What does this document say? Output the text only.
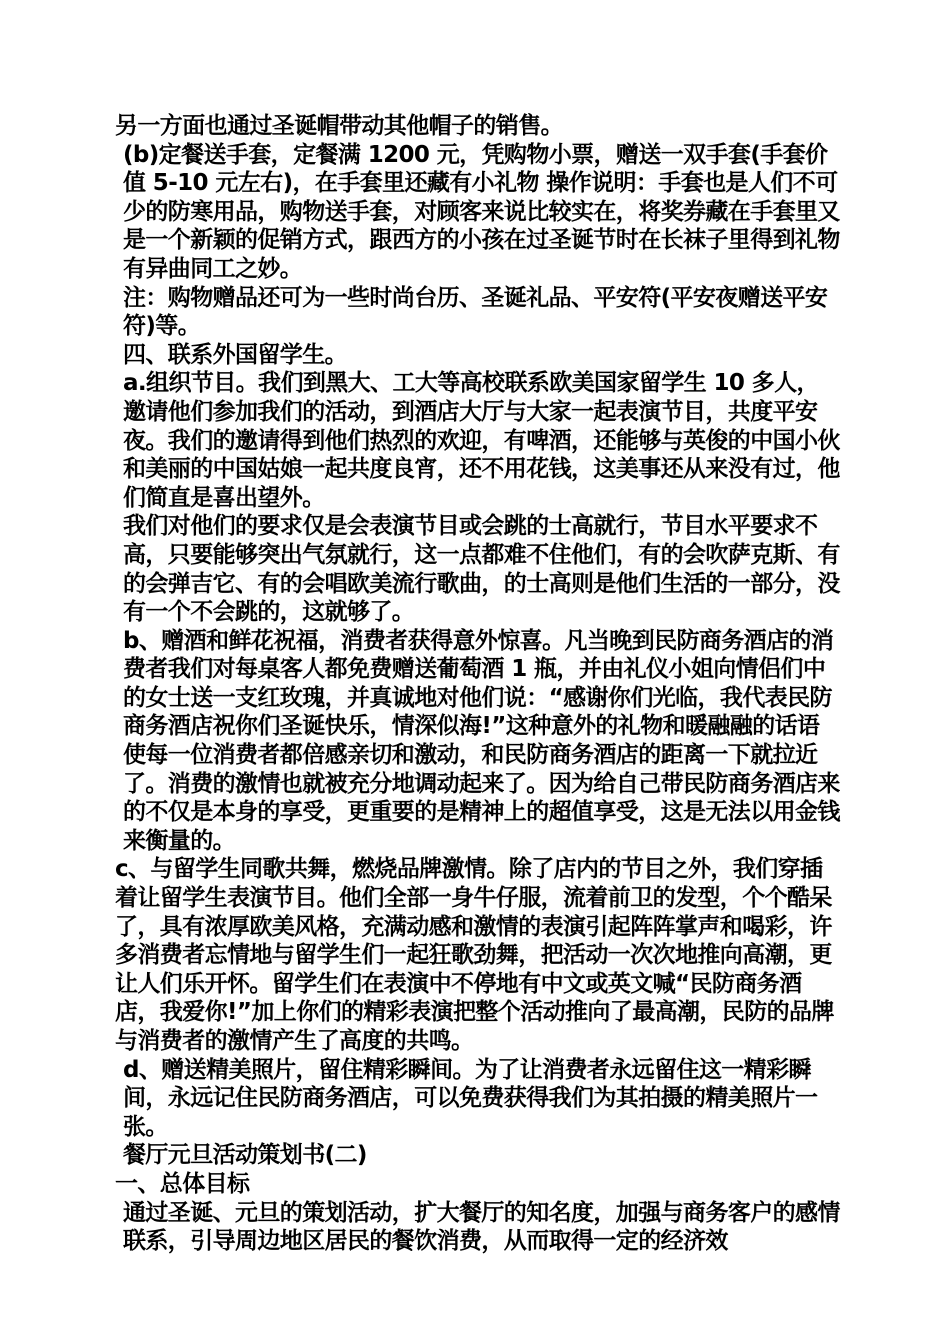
另一方面也通过圣诞帽带动其他帽子的销售。

(b)定餐送手套，定餐满 1200 元，凭购物小票，赠送一双手套(手套价值 5-10 元左右)，在手套里还藏有小礼物 操作说明：手套也是人们不可少的防寒用品，购物送手套，对顾客来说比较实在，将奖券藏在手套里又是一个新颖的促销方式，跟西方的小孩在过圣诞节时在长袜子里得到礼物有异曲同工之妙。

注：购物赠品还可为一些时尚台历、圣诞礼品、平安符(平安夜赠送平安符)等。

四、联系外国留学生。

a.组织节目。我们到黑大、工大等高校联系欧美国家留学生 10 多人，邀请他们参加我们的活动，到酒店大厅与大家一起表演节目，共度平安夜。我们的邀请得到他们热烈的欢迎，有啤酒，还能够与英俊的中国小伙和美丽的中国姑娘一起共度良宵，还不用花钱，这美事还从来没有过，他们简直是喜出望外。

我们对他们的要求仅是会表演节目或会跳的士高就行，节目水平要求不高，只要能够突出气氛就行，这一点都难不住他们，有的会吹萨克斯、有的会弹吉它、有的会唱欧美流行歌曲，的士高则是他们生活的一部分，没有一个不会跳的，这就够了。

b、赠酒和鲜花祝福，消费者获得意外惊喜。凡当晚到民防商务酒店的消费者我们对每桌客人都免费赠送葡萄酒 1 瓶，并由礼仪小姐向情侣们中的女士送一支红玫瑰，并真诚地对他们说：“感谢你们光临，我代表民防商务酒店祝你们圣诞快乐，情深似海!”这种意外的礼物和暖融融的话语使每一位消费者都倍感亲切和激动，和民防商务酒店的距离一下就拉近了。消费的激情也就被充分地调动起来了。因为给自己带民防商务酒店来的不仅是本身的享受，更重要的是精神上的超值享受，这是无法以用金钱来衡量的。

c、与留学生同歌共舞，燃烧品牌激情。除了店内的节目之外，我们穿插着让留学生表演节目。他们全部一身牛仔服，流着前卫的发型，个个酷呆了，具有浓厚欧美风格，充满动感和激情的表演引起阵阵掌声和喝彩，许多消费者忘情地与留学生们一起狂歌劲舞，把活动一次次地推向高潮，更让人们乐开怀。留学生们在表演中不停地有中文或英文喊“民防商务酒店，我爱你!”加上你们的精彩表演把整个活动推向了最高潮，民防的品牌与消费者的激情产生了高度的共鸣。

d、赠送精美照片，留住精彩瞬间。为了让消费者永远留住这一精彩瞬间，永远记住民防商务酒店，可以免费获得我们为其拍摄的精美照片一张。

餐厅元旦活动策划书(二)

一、总体目标

通过圣诞、元旦的策划活动，扩大餐厅的知名度，加强与商务客户的感情联系，引导周边地区居民的餐饮消费，从而取得一定的经济效
